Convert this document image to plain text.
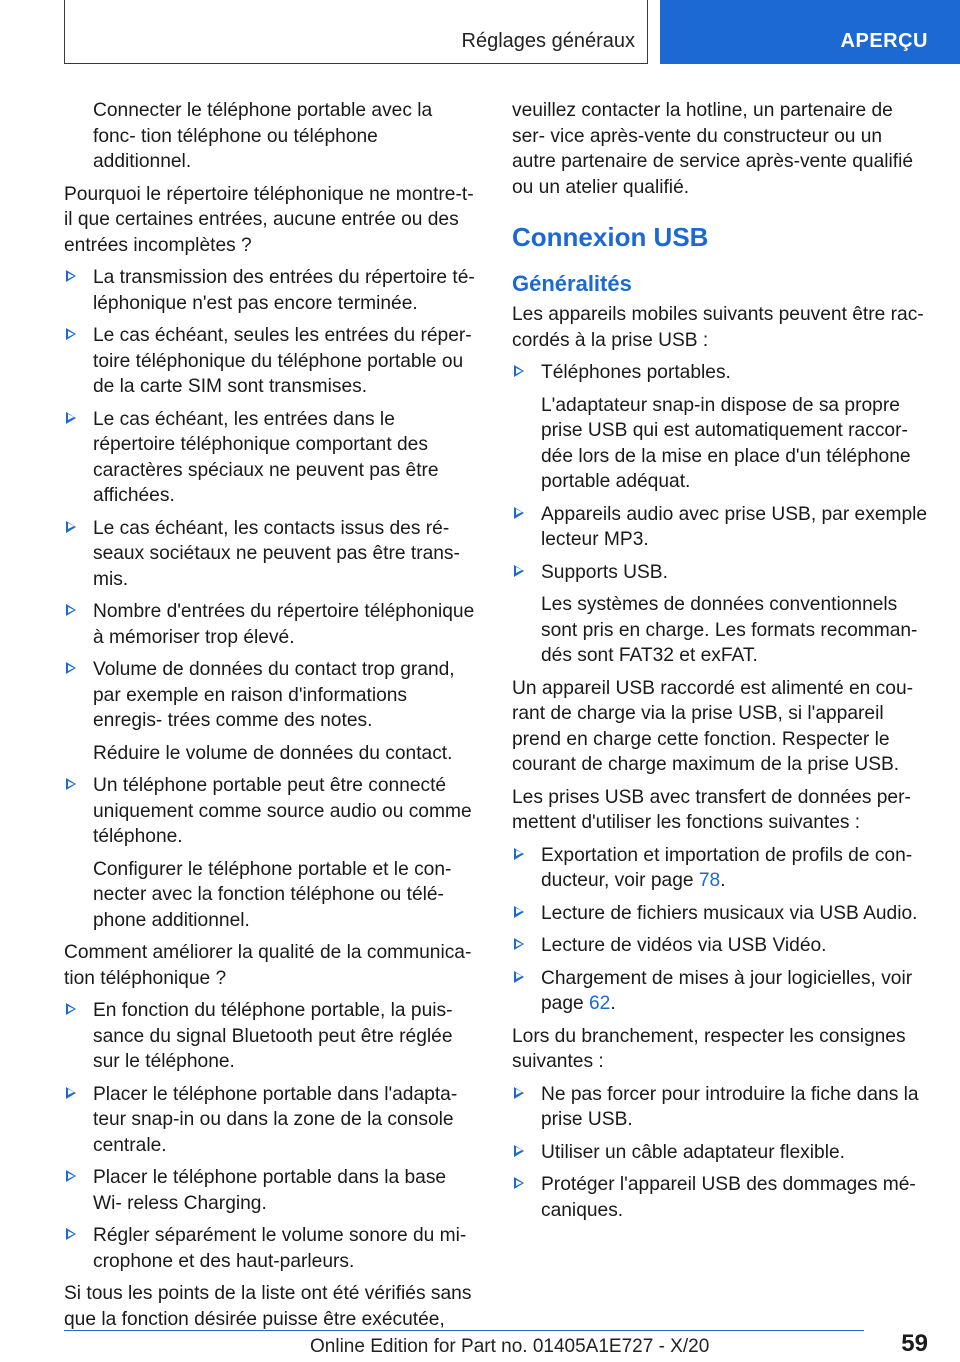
Réglages généraux	APERÇU

Connecter le téléphone portable avec la fonc- tion téléphone ou téléphone additionnel.

Pourquoi le répertoire téléphonique ne montre-t-il que certaines entrées, aucune entrée ou des entrées incomplètes ?

La transmission des entrées du répertoire té- léphonique n'est pas encore terminée.
Le cas échéant, seules les entrées du réper- toire téléphonique du téléphone portable ou de la carte SIM sont transmises.
Le cas échéant, les entrées dans le répertoire téléphonique comportant des caractères spéciaux ne peuvent pas être affichées.
Le cas échéant, les contacts issus des ré- seaux sociétaux ne peuvent pas être trans- mis.
Nombre d'entrées du répertoire téléphonique à mémoriser trop élevé.
Volume de données du contact trop grand, par exemple en raison d'informations enregis- trées comme des notes.

Réduire le volume de données du contact.

Un téléphone portable peut être connecté uniquement comme source audio ou comme téléphone.

Configurer le téléphone portable et le con- necter avec la fonction téléphone ou télé- phone additionnel.

Comment améliorer la qualité de la communica- tion téléphonique ?

En fonction du téléphone portable, la puis- sance du signal Bluetooth peut être réglée sur le téléphone.
Placer le téléphone portable dans l'adapta- teur snap-in ou dans la zone de la console centrale.
Placer le téléphone portable dans la base Wi- reless Charging.
Régler séparément le volume sonore du mi- crophone et des haut-parleurs.

Si tous les points de la liste ont été vérifiés sans que la fonction désirée puisse être exécutée,

veuillez contacter la hotline, un partenaire de ser- vice après-vente du constructeur ou un autre partenaire de service après-vente qualifié ou un atelier qualifié.

Connexion USB
Généralités

Les appareils mobiles suivants peuvent être rac- cordés à la prise USB :

Téléphones portables.

L'adaptateur snap-in dispose de sa propre prise USB qui est automatiquement raccor- dée lors de la mise en place d'un téléphone portable adéquat.

Appareils audio avec prise USB, par exemple lecteur MP3.
Supports USB.

Les systèmes de données conventionnels sont pris en charge. Les formats recomman- dés sont FAT32 et exFAT.

Un appareil USB raccordé est alimenté en cou- rant de charge via la prise USB, si l'appareil prend en charge cette fonction. Respecter le courant de charge maximum de la prise USB.

Les prises USB avec transfert de données per- mettent d'utiliser les fonctions suivantes :

Exportation et importation de profils de con- ducteur, voir page 78.
Lecture de fichiers musicaux via USB Audio.
Lecture de vidéos via USB Vidéo.
Chargement de mises à jour logicielles, voir page 62.

Lors du branchement, respecter les consignes suivantes :

Ne pas forcer pour introduire la fiche dans la prise USB.
Utiliser un câble adaptateur flexible.
Protéger l'appareil USB des dommages mé- caniques.
59
Online Edition for Part no. 01405A1E727 - X/20
